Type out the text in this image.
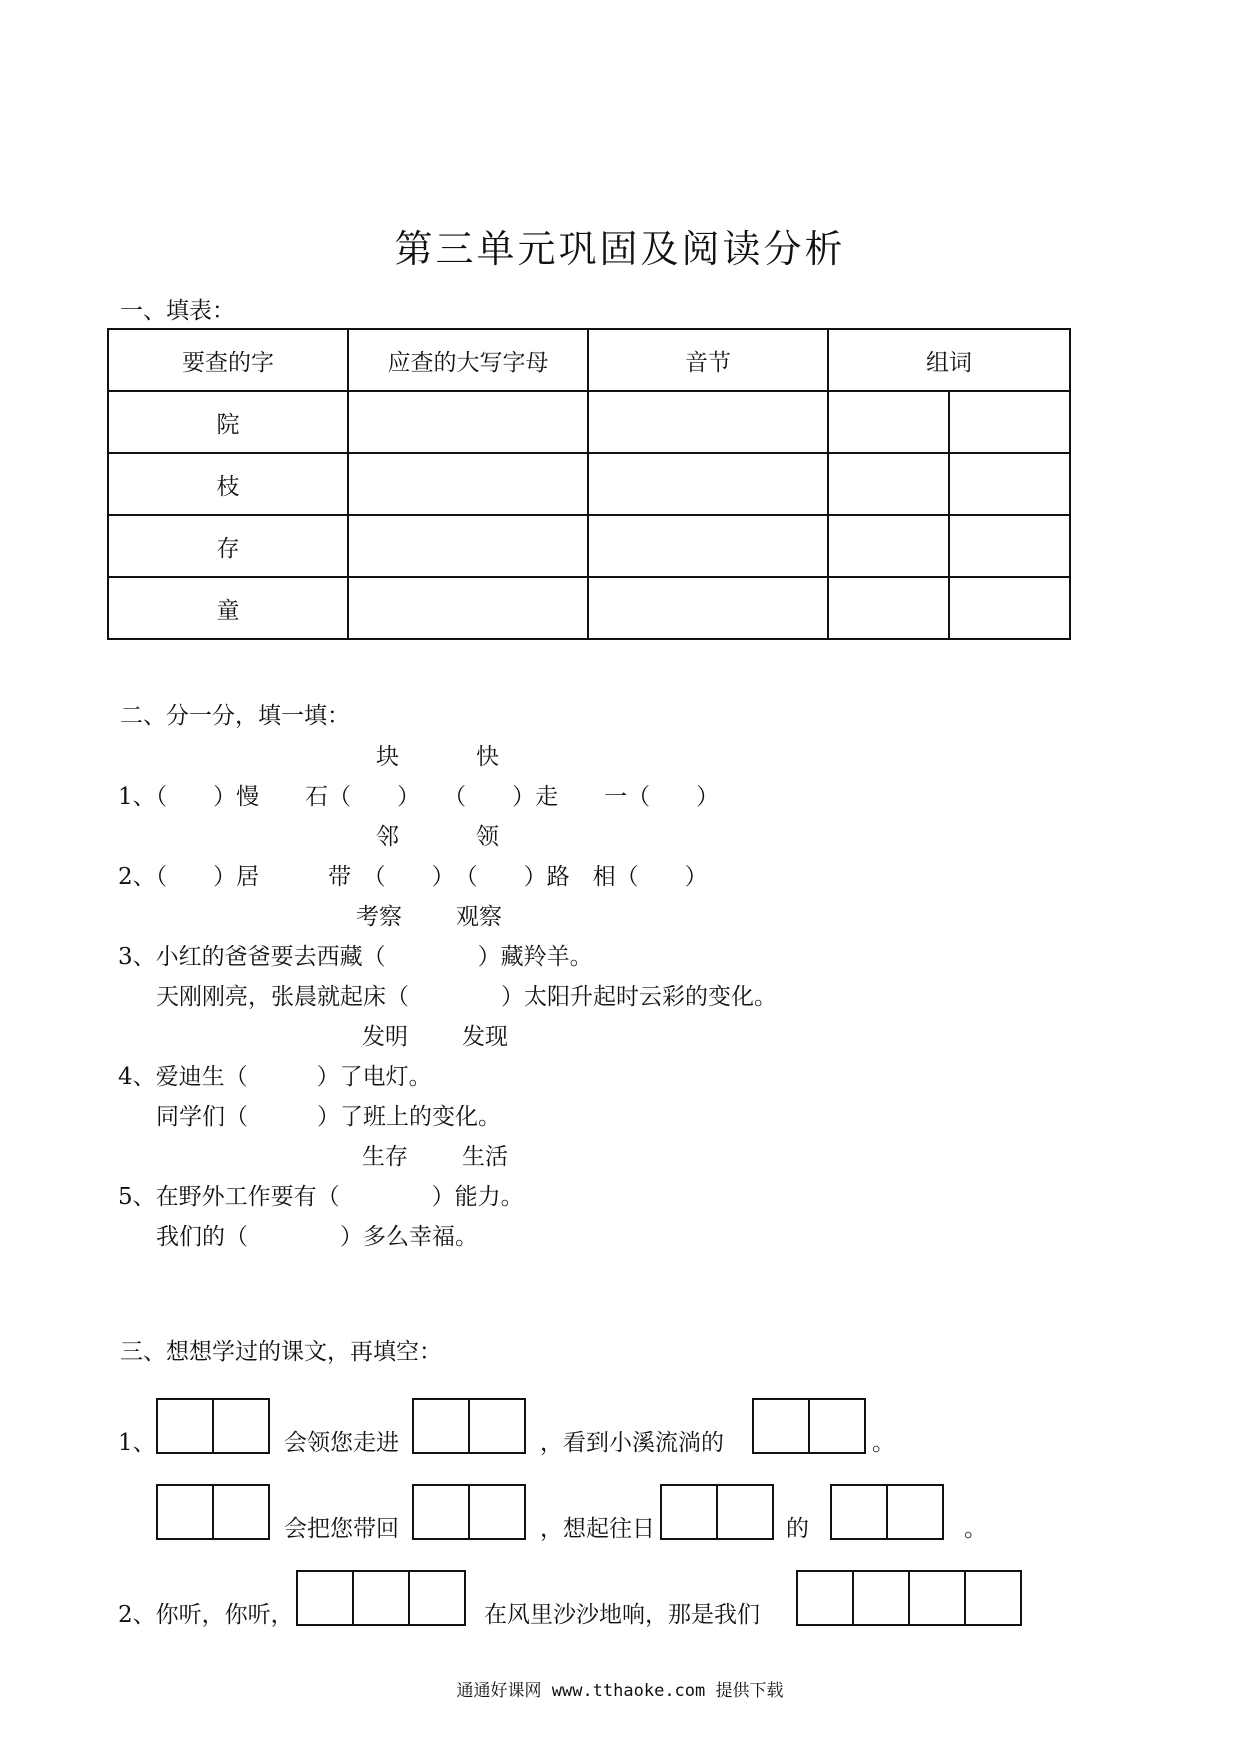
第三单元巩固及阅读分析
一、填表：
要查的字	应查的大写字母	音节	组词	
院				
枝				
存				
童				
二、分一分，填一填：
块	快
1、（　　）慢　　石（　　）　　（　　）走　　一（　　）
邻	领
2、（　　）居　　　带　（　　）　（　　）路　相（　　）
考察 观察
3、小红的爸爸要去西藏（　　　　）藏羚羊。
天刚刚亮，张晨就起床（　　　　）太阳升起时云彩的变化。
发明 发现
4、爱迪生（　　　）了电灯。
同学们（　　　）了班上的变化。
生存 生活
5、在野外工作要有（　　　　）能力。
我们的（　　　　）多么幸福。
三、想想学过的课文，再填空：
1、	会领您走进	，看到小溪流淌的	。
会把您带回	，想起往日	的	。
2、你听，你听，	在风里沙沙地响，那是我们
通通好课网 www.tthaoke.com 提供下载
